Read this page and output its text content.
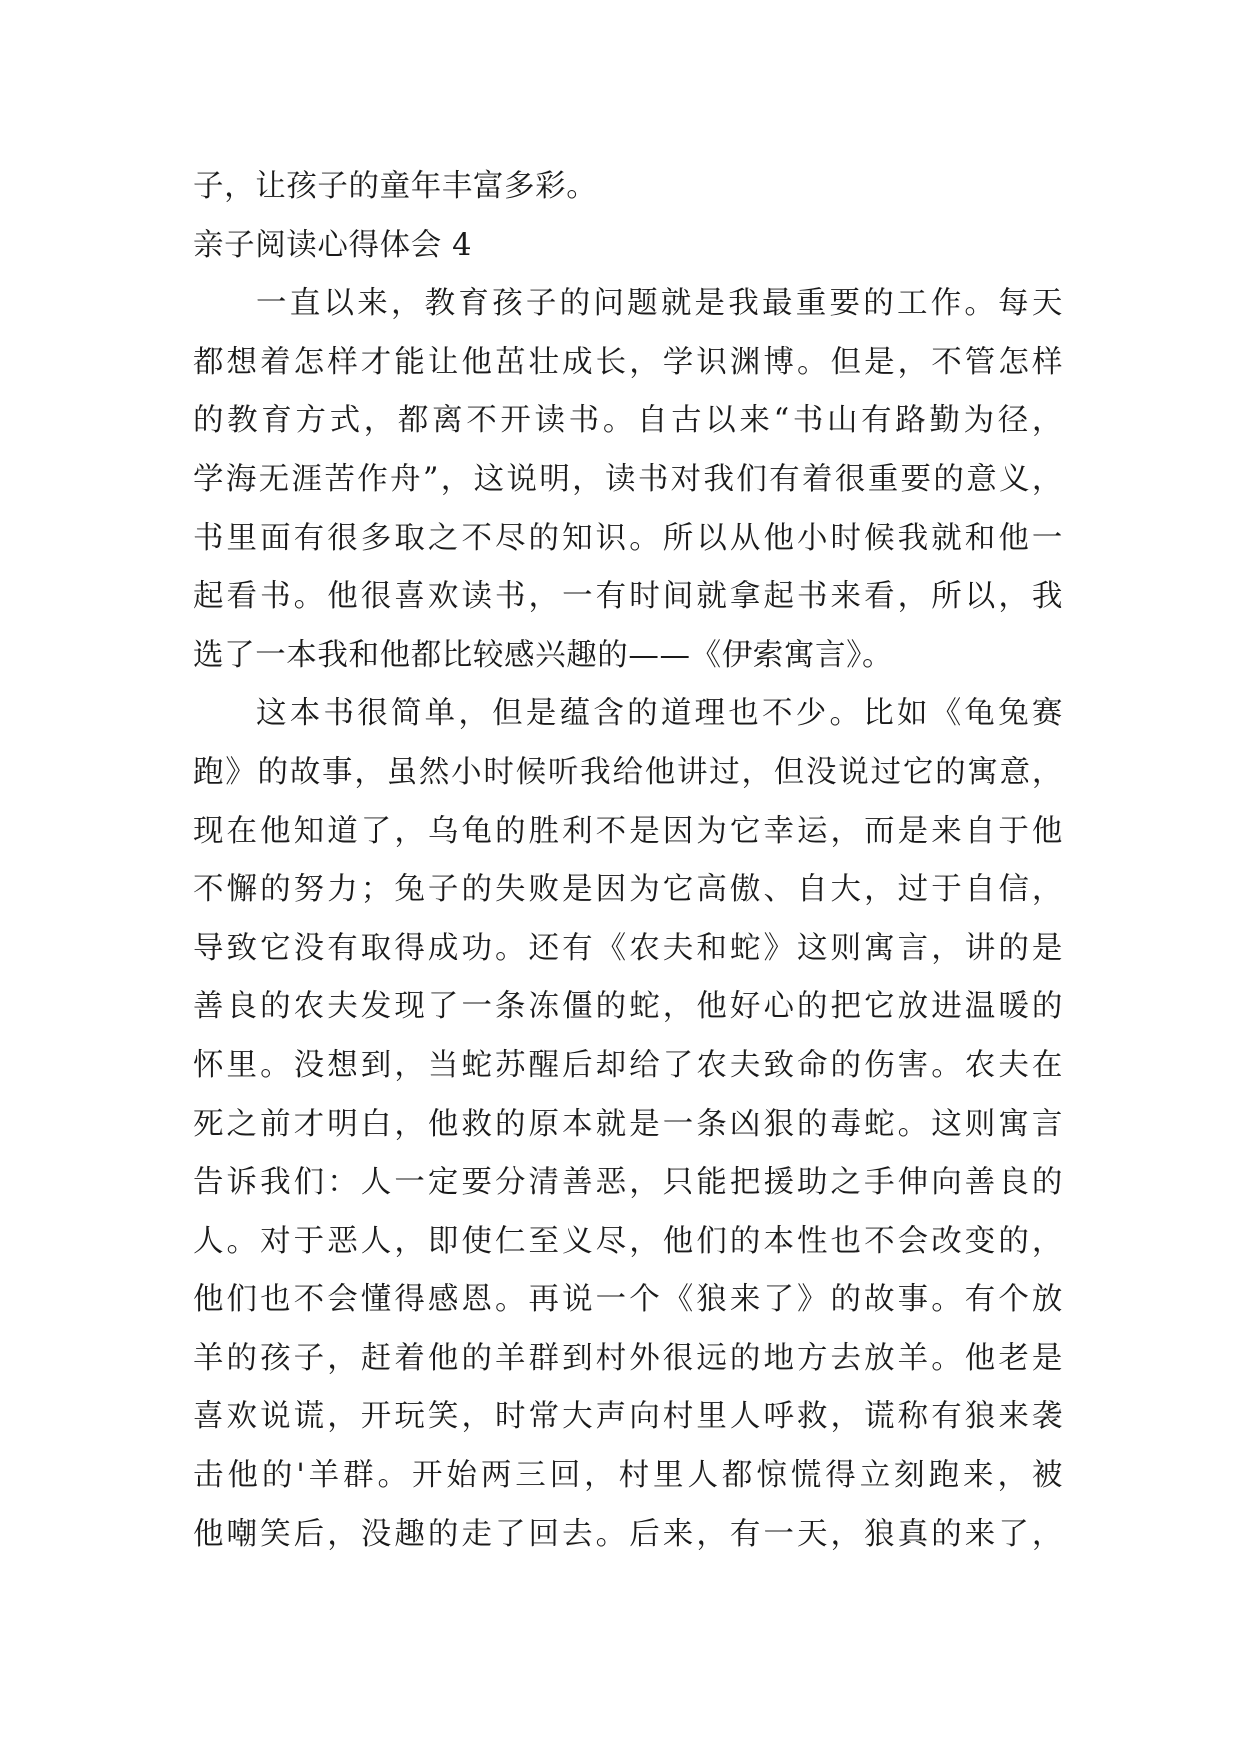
子，让孩子的童年丰富多彩。
亲子阅读心得体会 4
一直以来，教育孩子的问题就是我最重要的工作。每天
都想着怎样才能让他茁壮成长，学识渊博。但是，不管怎样
的教育方式，都离不开读书。自古以来“书山有路勤为径，
学海无涯苦作舟”，这说明，读书对我们有着很重要的意义，
书里面有很多取之不尽的知识。所以从他小时候我就和他一
起看书。他很喜欢读书，一有时间就拿起书来看，所以，我
选了一本我和他都比较感兴趣的——《伊索寓言》。
这本书很简单，但是蕴含的道理也不少。比如《龟兔赛
跑》的故事，虽然小时候听我给他讲过，但没说过它的寓意，
现在他知道了，乌龟的胜利不是因为它幸运，而是来自于他
不懈的努力；兔子的失败是因为它高傲、自大，过于自信，
导致它没有取得成功。还有《农夫和蛇》这则寓言，讲的是
善良的农夫发现了一条冻僵的蛇，他好心的把它放进温暖的
怀里。没想到，当蛇苏醒后却给了农夫致命的伤害。农夫在
死之前才明白，他救的原本就是一条凶狠的毒蛇。这则寓言
告诉我们：人一定要分清善恶，只能把援助之手伸向善良的
人。对于恶人，即使仁至义尽，他们的本性也不会改变的，
他们也不会懂得感恩。再说一个《狼来了》的故事。有个放
羊的孩子，赶着他的羊群到村外很远的地方去放羊。他老是
喜欢说谎，开玩笑，时常大声向村里人呼救，谎称有狼来袭
击他的'羊群。开始两三回，村里人都惊慌得立刻跑来，被
他嘲笑后，没趣的走了回去。后来，有一天，狼真的来了，
